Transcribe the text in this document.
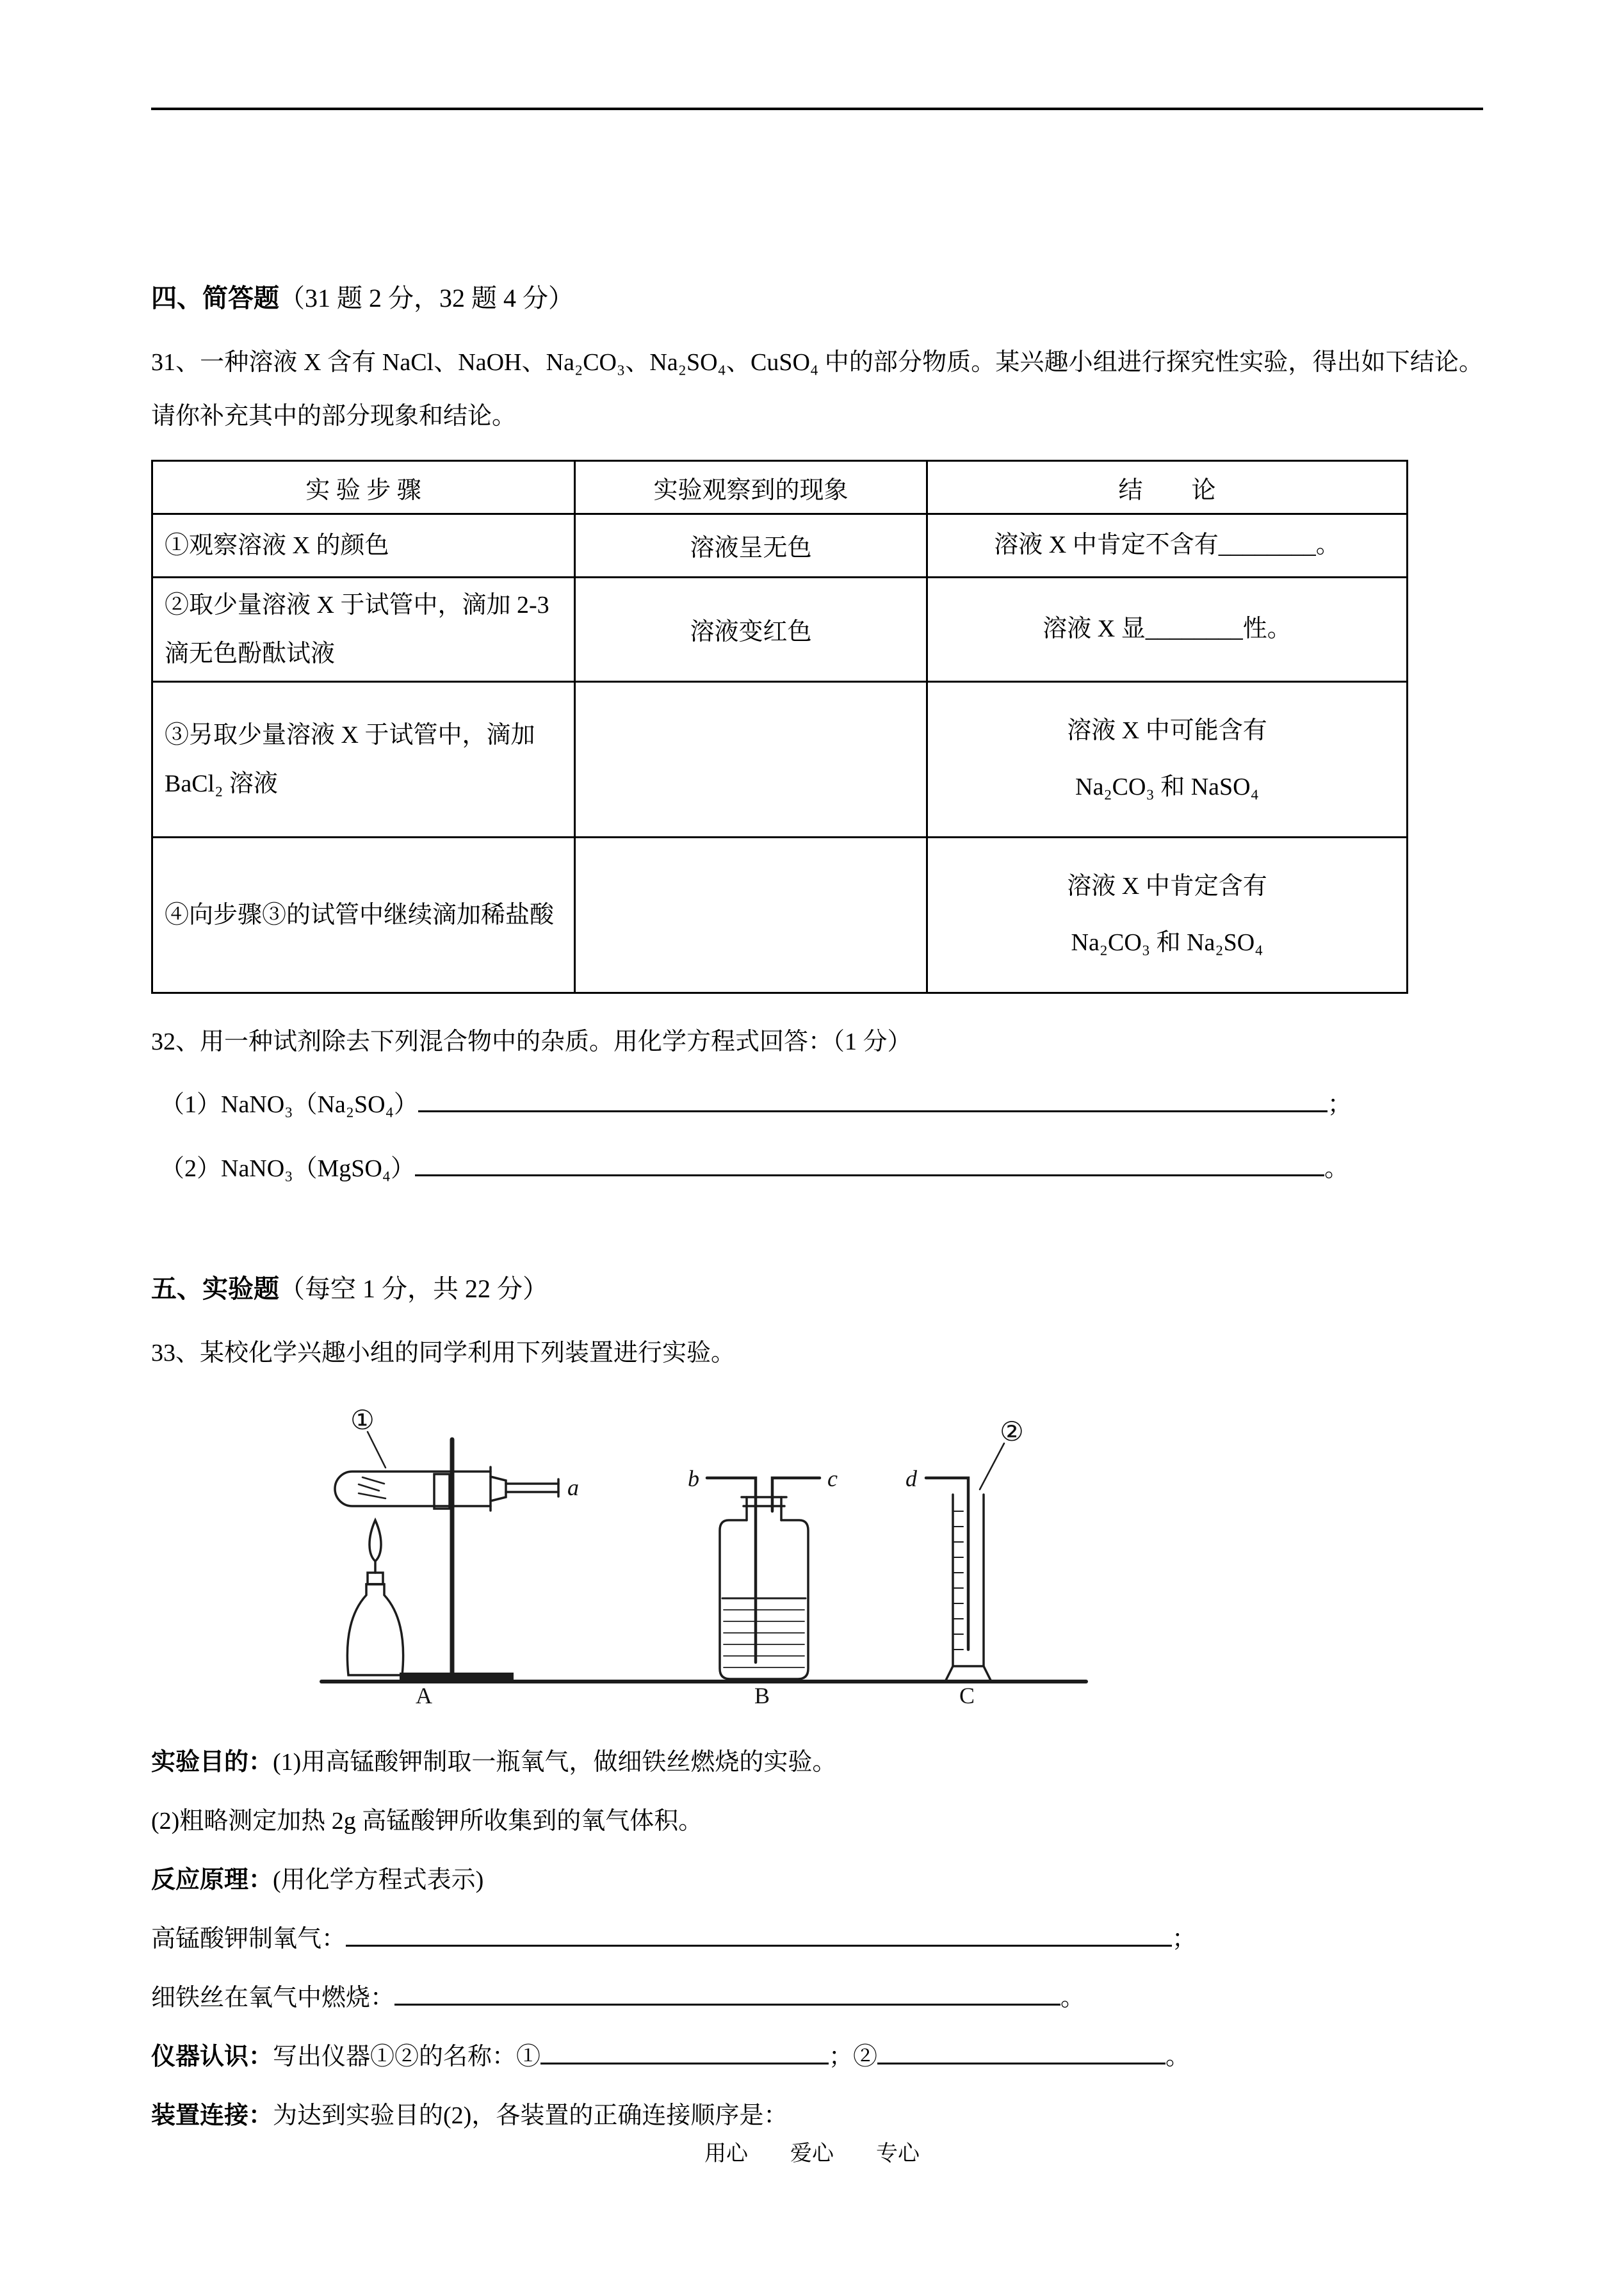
四、简答题（31 题 2 分，32 题 4 分）

31、一种溶液 X 含有 NaCl、NaOH、Na₂CO₃、Na₂SO₄、CuSO₄ 中的部分物质。某兴趣小组进行探究性实验，得出如下结论。请你补充其中的部分现象和结论。

实 验 步 骤	实验观察到的现象	结　　论
①观察溶液 X 的颜色	溶液呈无色	溶液 X 中肯定不含有________。
②取少量溶液 X 于试管中，滴加 2-3 滴无色酚酞试液	溶液变红色	溶液 X 显________性。
③另取少量溶液 X 于试管中，滴加 BaCl₂ 溶液		溶液 X 中可能含有
Na₂CO₃ 和 NaSO₄

④向步骤③的试管中继续滴加稀盐酸		溶液 X 中肯定含有
Na₂CO₃ 和 Na₂SO₄

32、用一种试剂除去下列混合物中的杂质。用化学方程式回答：（1 分）

（1）NaNO₃（Na₂SO₄）	；

（2）NaNO₃（MgSO₄）	。

五、实验题（每空 1 分，共 22 分）

33、某校化学兴趣小组的同学利用下列装置进行实验。

①
a	b	c	d
②
A	B	C

实验目的：(1)用高锰酸钾制取一瓶氧气，做细铁丝燃烧的实验。

(2)粗略测定加热 2g 高锰酸钾所收集到的氧气体积。

反应原理：(用化学方程式表示)

高锰酸钾制氧气：	；

细铁丝在氧气中燃烧：	。

仪器认识：写出仪器①②的名称：①	；②	。

装置连接：为达到实验目的(2)，各装置的正确连接顺序是：

用心 爱心 专心
